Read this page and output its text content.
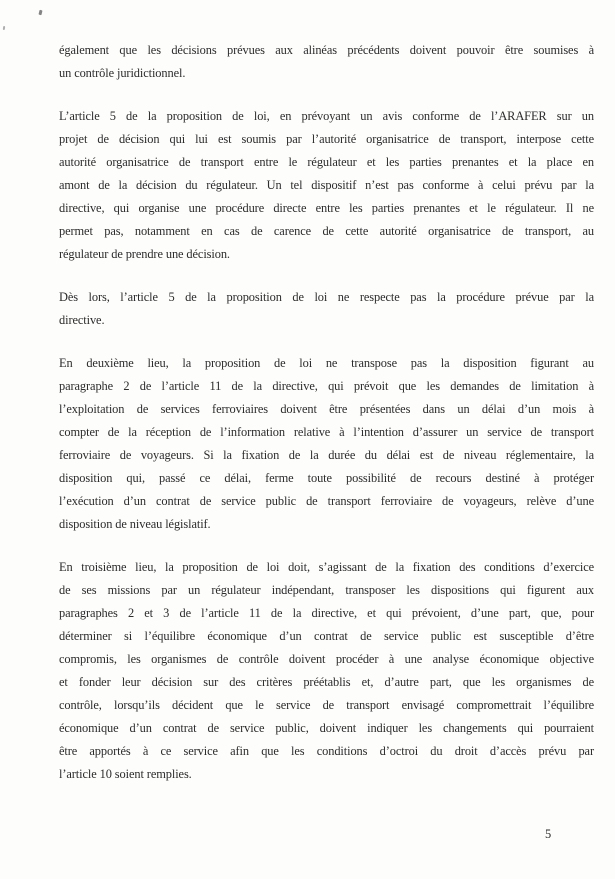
également que les décisions prévues aux alinéas précédents doivent pouvoir être soumises à
un contrôle juridictionnel.
L’article 5 de la proposition de loi, en prévoyant un avis conforme de l’ARAFER sur un
projet de décision qui lui est soumis par l’autorité organisatrice de transport, interpose cette
autorité organisatrice de transport entre le régulateur et les parties prenantes et la place en
amont de la décision du régulateur. Un tel dispositif n’est pas conforme à celui prévu par la
directive, qui organise une procédure directe entre les parties prenantes et le régulateur. Il ne
permet pas, notamment en cas de carence de cette autorité organisatrice de transport, au
régulateur de prendre une décision.
Dès lors, l’article 5 de la proposition de loi ne respecte pas la procédure prévue par la
directive.
En deuxième lieu, la proposition de loi ne transpose pas la disposition figurant au
paragraphe 2 de l’article 11 de la directive, qui prévoit que les demandes de limitation à
l’exploitation de services ferroviaires doivent être présentées dans un délai d’un mois à
compter de la réception de l’information relative à l’intention d’assurer un service de transport
ferroviaire de voyageurs. Si la fixation de la durée du délai est de niveau réglementaire, la
disposition qui, passé ce délai, ferme toute possibilité de recours destiné à protéger
l’exécution d’un contrat de service public de transport ferroviaire de voyageurs, relève d’une
disposition de niveau législatif.
En troisième lieu, la proposition de loi doit, s’agissant de la fixation des conditions d’exercice
de ses missions par un régulateur indépendant, transposer les dispositions qui figurent aux
paragraphes 2 et 3 de l’article 11 de la directive, et qui prévoient, d’une part, que, pour
déterminer si l’équilibre économique d’un contrat de service public est susceptible d’être
compromis, les organismes de contrôle doivent procéder à une analyse économique objective
et fonder leur décision sur des critères préétablis et, d’autre part, que les organismes de
contrôle, lorsqu’ils décident que le service de transport envisagé compromettrait l’équilibre
économique d’un contrat de service public, doivent indiquer les changements qui pourraient
être apportés à ce service afin que les conditions d’octroi du droit d’accès prévu par
l’article 10 soient remplies.
5
